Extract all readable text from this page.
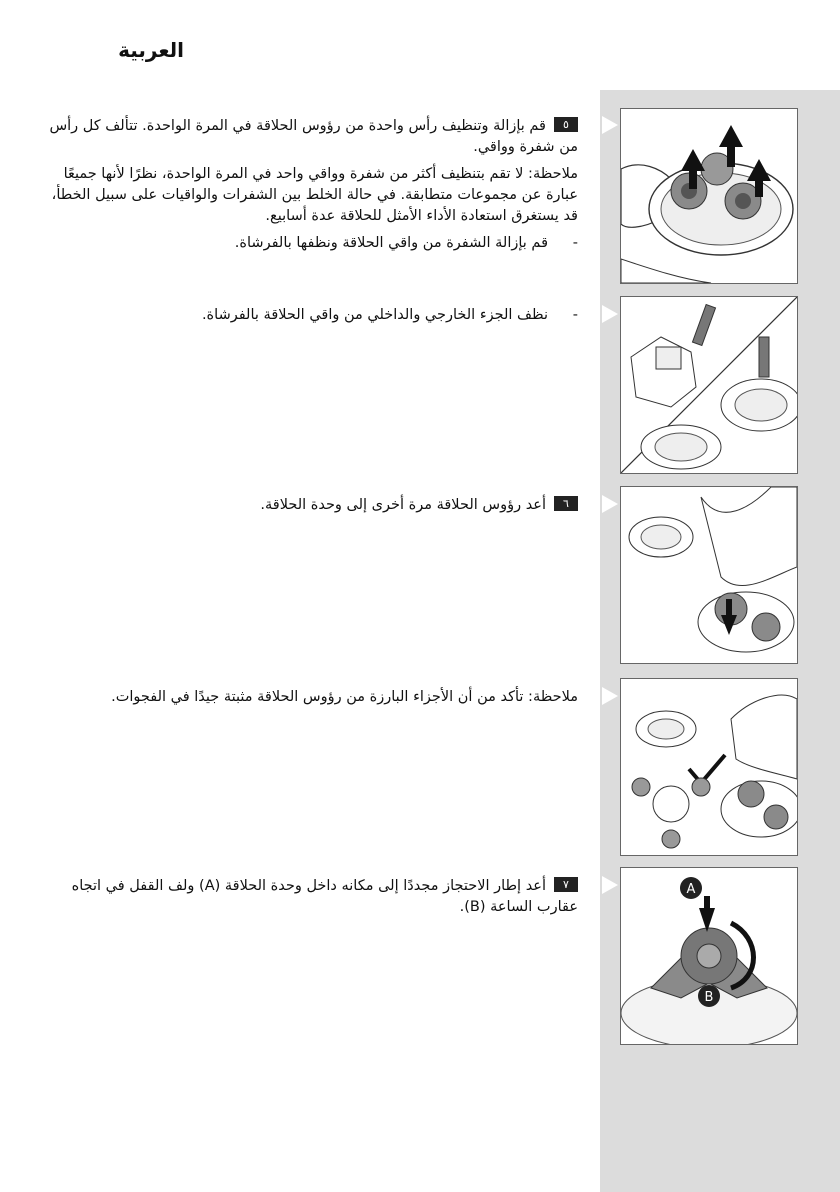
العربية

٥قم بإزالة وتنظيف رأس واحدة من رؤوس الحلاقة في المرة الواحدة. تتألف كل رأس من شفرة وواقي.

ملاحظة: لا تقم بتنظيف أكثر من شفرة وواقي واحد في المرة الواحدة، نظرًا لأنها جميعًا عبارة عن مجموعات متطابقة. في حالة الخلط بين الشفرات والواقيات على سبيل الخطأ، قد يستغرق استعادة الأداء الأمثل للحلاقة عدة أسابيع.

-
قم بإزالة الشفرة من واقي الحلاقة ونظفها بالفرشاة.

-
نظف الجزء الخارجي والداخلي من واقي الحلاقة بالفرشاة.

٦أعد رؤوس الحلاقة مرة أخرى إلى وحدة الحلاقة.

ملاحظة: تأكد من أن الأجزاء البارزة من رؤوس الحلاقة مثبتة جيدًا في الفجوات.

٧أعد إطار الاحتجاز مجددًا إلى مكانه داخل وحدة الحلاقة (A) ولف القفل في اتجاه عقارب الساعة (B).

A
B
